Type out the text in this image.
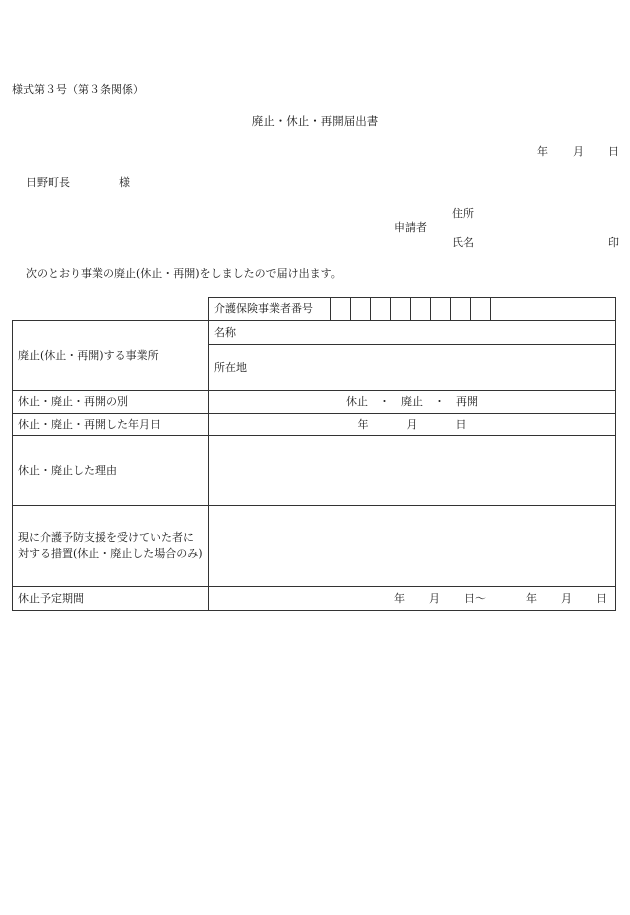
様式第３号（第３条関係）
廃止・休止・再開届出書
年 月 日
日野町長	様
住所
申請者
氏名	印
次のとおり事業の廃止(休止・再開)をしましたので届け出ます。
	介護保険事業者番号									
廃止(休止・再開)する事業所	名称									
	所在地									
休止・廃止・再開の別	休止　・　廃止　・　再開									
休止・廃止・再開した年月日	年 月 日									
休止・廃止した理由										
現に介護予防支援を受けていた者に対する措置(休止・廃止した場合のみ)										
休止予定期間	年 月 日～ 年 月 日									
